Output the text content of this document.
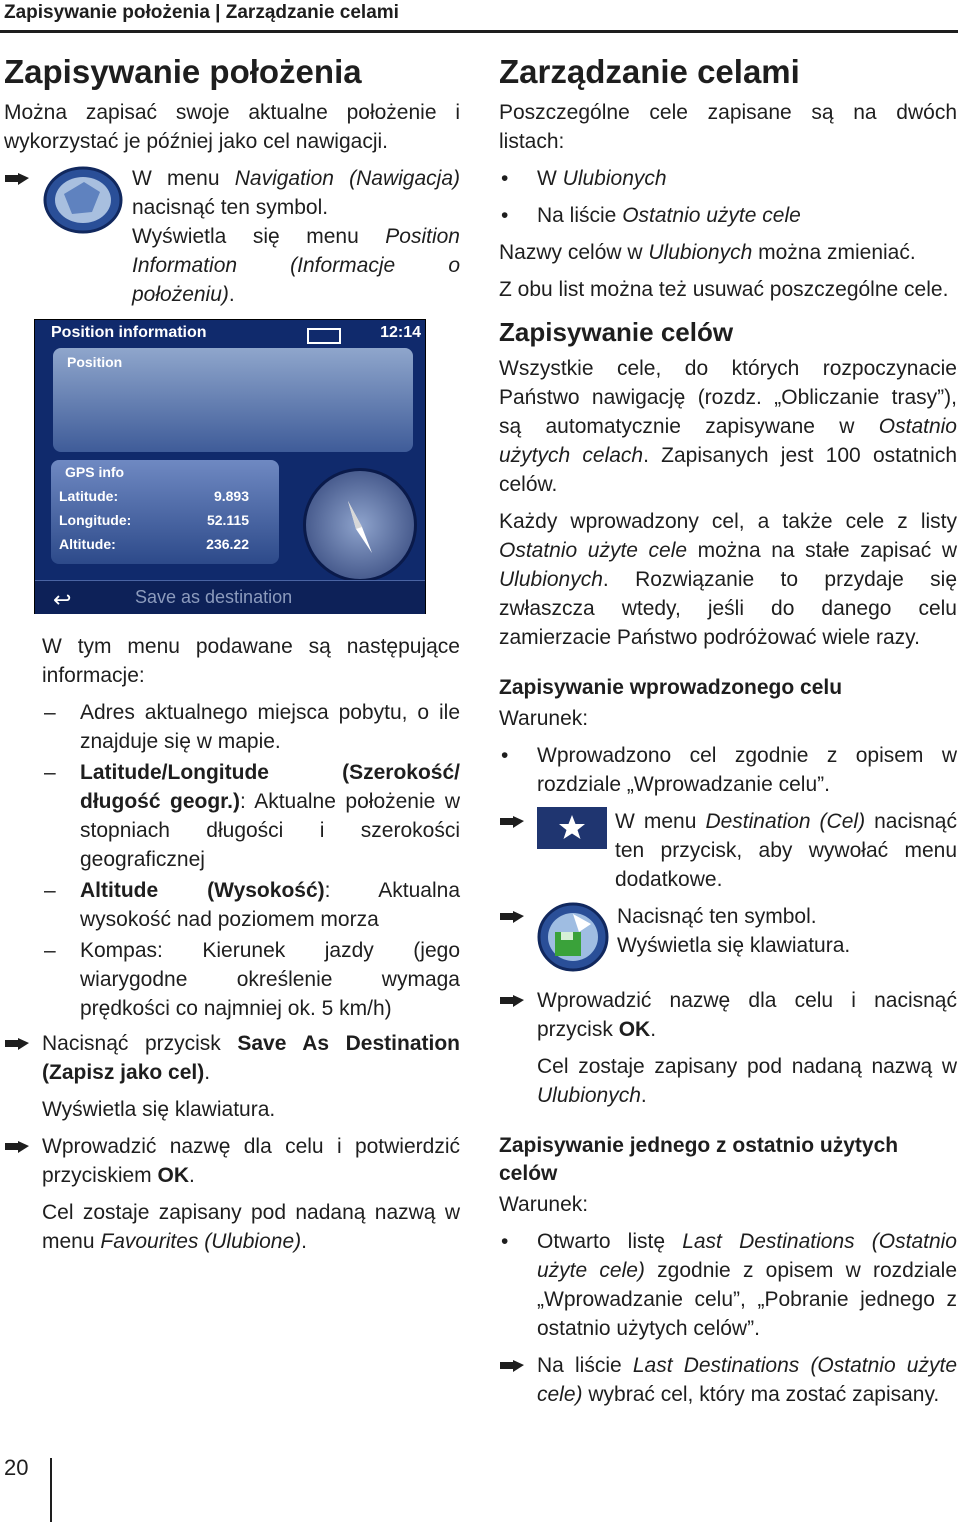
Zapisywanie położenia | Zarządzanie celami
Zapisywanie położenia

Można zapisać swoje aktualne położenie i wykorzystać je później jako cel nawigacji.

W menu Navigation (Nawigacja) nacisnąć ten symbol.
Wyświetla się menu Position Information (Informacje o położeniu).
Position information	12:14
Position
GPS info
Latitude:	9.893
Longitude:	52.115
Altitude:	236.22
↩	Save as destination

W tym menu podawane są następujące informacje:

– Adres aktualnego miejsca pobytu, o ile znajduje się w mapie.
– Latitude/Longitude (Szerokość/ długość geogr.): Aktualne położenie w stopniach długości i szerokości geograficznej
– Altitude (Wysokość): Aktualna wysokość nad poziomem morza
– Kompas: Kierunek jazdy (jego wiarygodne określenie wymaga prędkości co najmniej ok. 5 km/h)
Nacisnąć przycisk Save As Destination (Zapisz jako cel).
Wyświetla się klawiatura.
Wprowadzić nazwę dla celu i potwierdzić przyciskiem OK.
Cel zostaje zapisany pod nadaną nazwą w menu Favourites (Ulubione).
Zarządzanie celami

Poszczególne cele zapisane są na dwóch listach:

• W Ulubionych
• Na liście Ostatnio użyte cele

Nazwy celów w Ulubionych można zmieniać.

Z obu list można też usuwać poszczególne cele.

Zapisywanie celów

Wszystkie cele, do których rozpoczynacie Państwo nawigację (rozdz. „Obliczanie trasy”), są automatycznie zapisywane w Ostatnio użytych celach. Zapisanych jest 100 ostatnich celów.

Każdy wprowadzony cel, a także cele z listy Ostatnio użyte cele można na stałe zapisać w Ulubionych. Rozwiązanie to przydaje się zwłaszcza wtedy, jeśli do danego celu zamierzacie Państwo podróżować wiele razy.

Zapisywanie wprowadzonego celu

Warunek:

• Wprowadzono cel zgodnie z opisem w rozdziale „Wprowadzanie celu”.
W menu Destination (Cel) nacisnąć ten przycisk, aby wywołać menu dodatkowe.
Nacisnąć ten symbol.
Wyświetla się klawiatura.
Wprowadzić nazwę dla celu i nacisnąć przycisk OK.
Cel zostaje zapisany pod nadaną nazwą w Ulubionych.
Zapisywanie jednego z ostatnio użytych celów

Warunek:

• Otwarto listę Last Destinations (Ostatnio użyte cele) zgodnie z opisem w rozdziale „Wprowadzanie celu”, „Pobranie jednego z ostatnio użytych celów”.
Na liście Last Destinations (Ostatnio użyte cele) wybrać cel, który ma zostać zapisany.
20
